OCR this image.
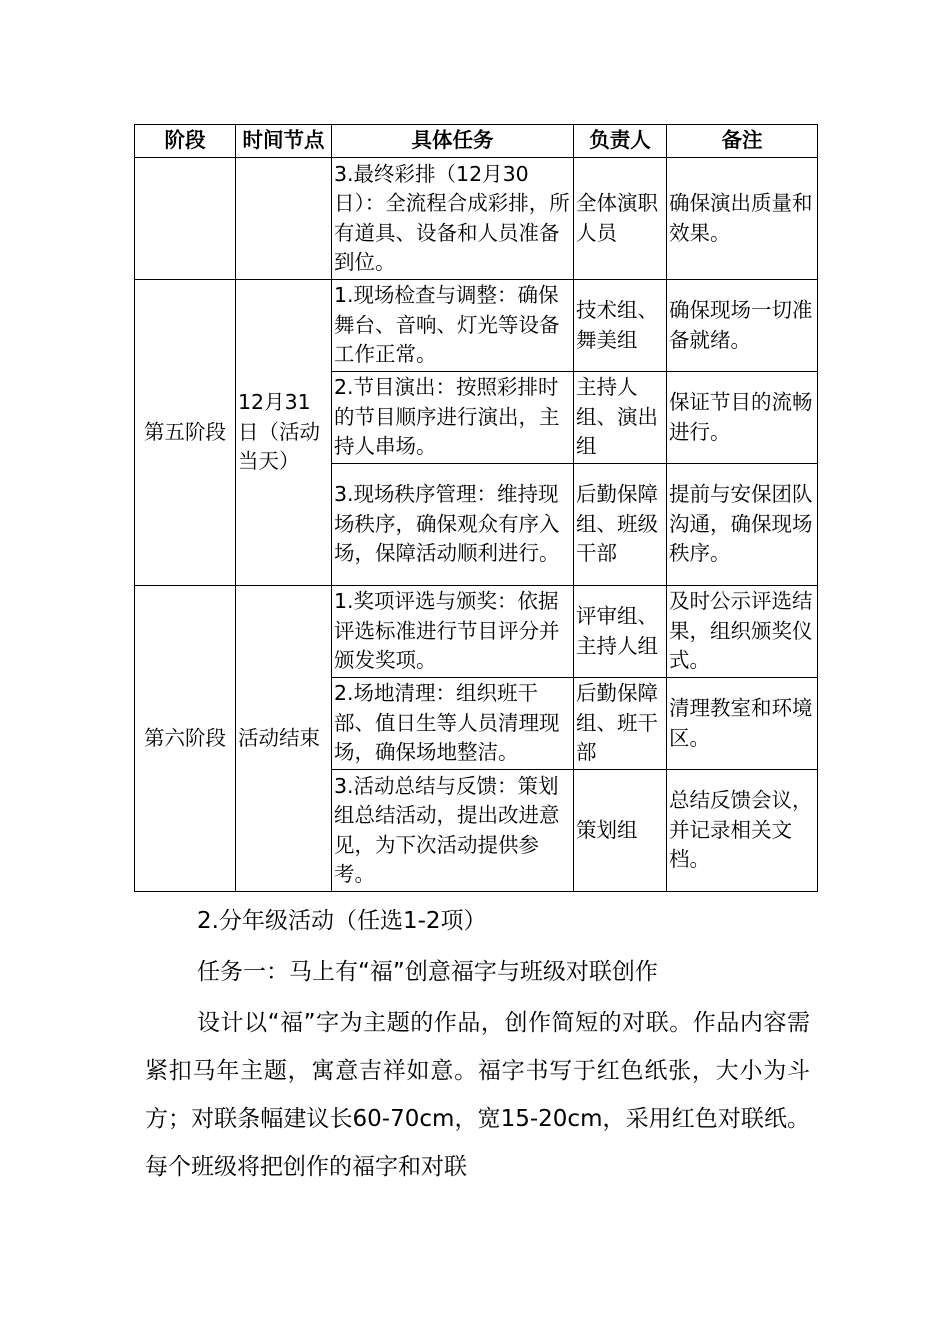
阶段	时间节点	具体任务	负责人	备注
		3.最终彩排（12月30日）：全流程合成彩排，所有道具、设备和人员准备到位。	全体演职人员	确保演出质量和效果。
第五阶段	12月31日（活动当天）	1.现场检查与调整：确保舞台、音响、灯光等设备工作正常。	技术组、舞美组	确保现场一切准备就绪。
		2.节目演出：按照彩排时的节目顺序进行演出，主持人串场。	主持人组、演出组	保证节目的流畅进行。
		3.现场秩序管理：维持现场秩序，确保观众有序入场，保障活动顺利进行。	后勤保障组、班级干部	提前与安保团队沟通，确保现场秩序。
第六阶段	活动结束	1.奖项评选与颁奖：依据评选标准进行节目评分并颁发奖项。	评审组、主持人组	及时公示评选结果，组织颁奖仪式。
		2.场地清理：组织班干部、值日生等人员清理现场，确保场地整洁。	后勤保障组、班干部	清理教室和环境区。
		3.活动总结与反馈：策划组总结活动，提出改进意见，为下次活动提供参考。	策划组	总结反馈会议，并记录相关文档。
2.分年级活动（任选1-2项）
任务一：马上有“福”创意福字与班级对联创作
设计以“福”字为主题的作品，创作简短的对联。作品内容需紧扣马年主题，寓意吉祥如意。福字书写于红色纸张，大小为斗方；对联条幅建议长60-70cm，宽15-20cm，采用红色对联纸。每个班级将把创作的福字和对联
